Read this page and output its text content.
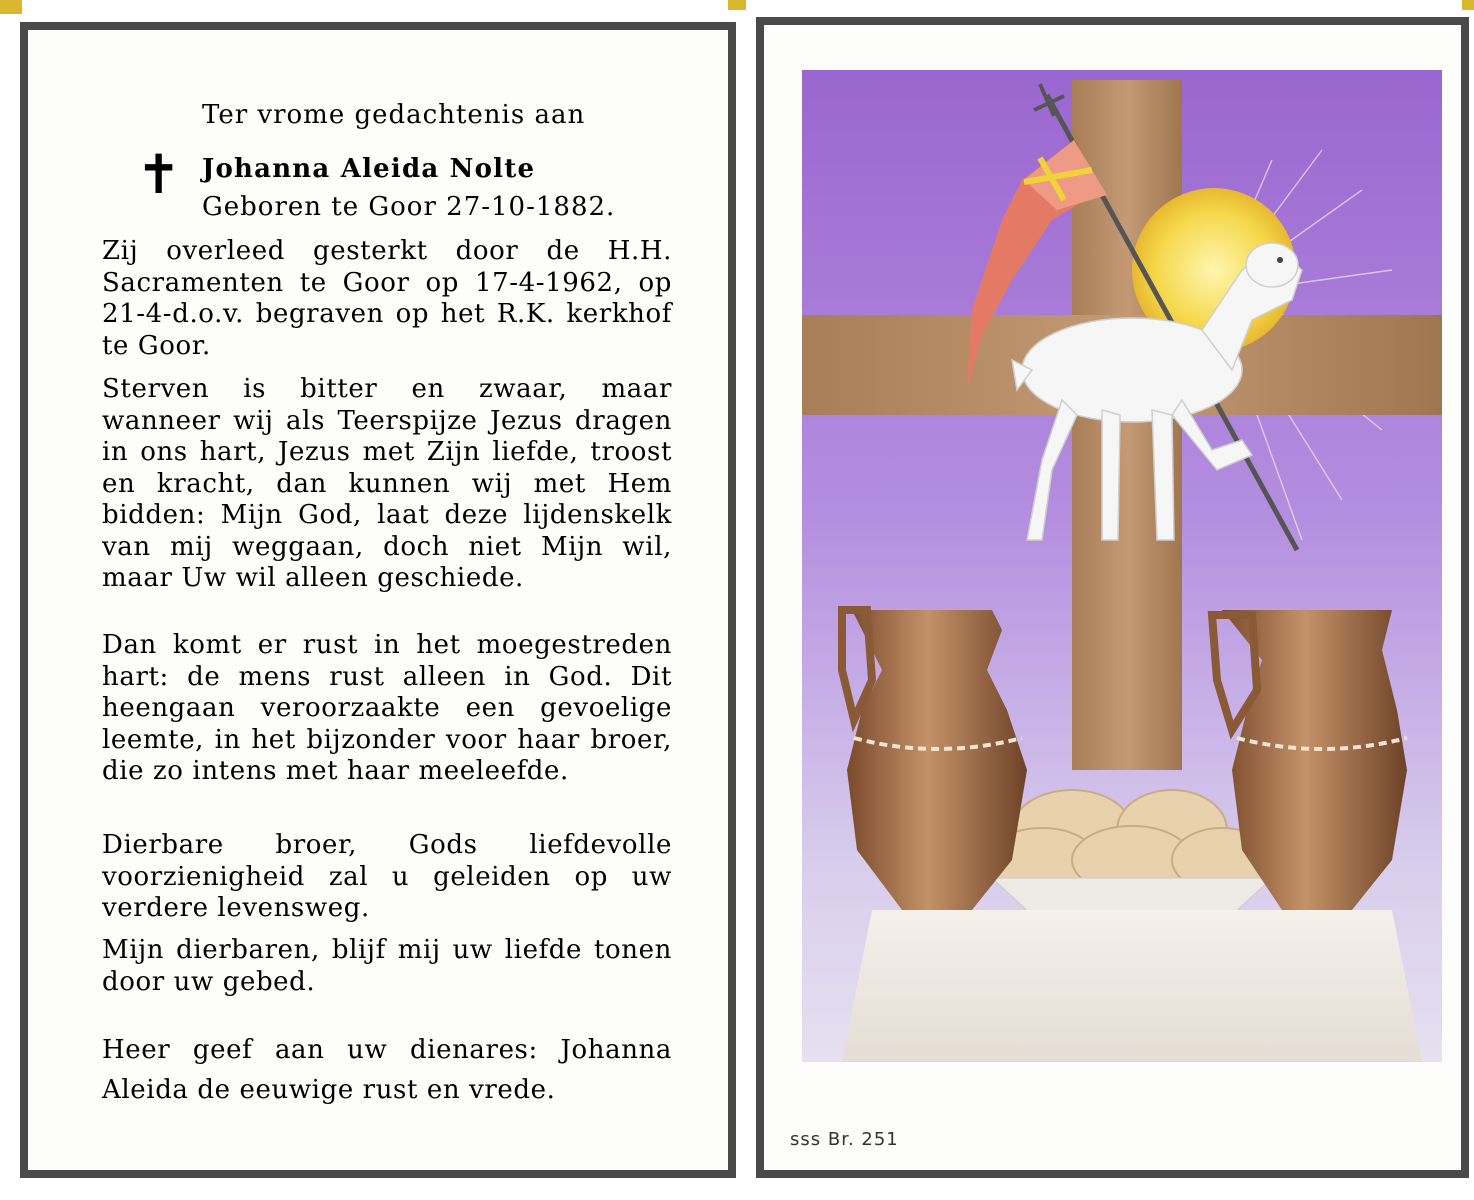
Ter vrome gedachtenis aan
✝ Johanna Aleida Nolte
Geboren te Goor 27-10-1882.
Zij overleed gesterkt door de H.H. Sacramenten te Goor op 17-4-1962, op 21-4-d.o.v. begraven op het R.K. kerkhof te Goor.
Sterven is bitter en zwaar, maar wanneer wij als Teerspijze Jezus dragen in ons hart, Jezus met Zijn liefde, troost en kracht, dan kunnen wij met Hem bidden: Mijn God, laat deze lijdenskelk van mij weggaan, doch niet Mijn wil, maar Uw wil alleen geschiede.
Dan komt er rust in het moegestreden hart: de mens rust alleen in God. Dit heengaan veroorzaakte een gevoelige leemte, in het bijzonder voor haar broer, die zo intens met haar meeleefde.
Dierbare broer, Gods liefdevolle voorzienigheid zal u geleiden op uw verdere levensweg.
Mijn dierbaren, blijf mij uw liefde tonen door uw gebed.
Heer geef aan uw dienares: Johanna Aleida de eeuwige rust en vrede.
sss Br. 251
